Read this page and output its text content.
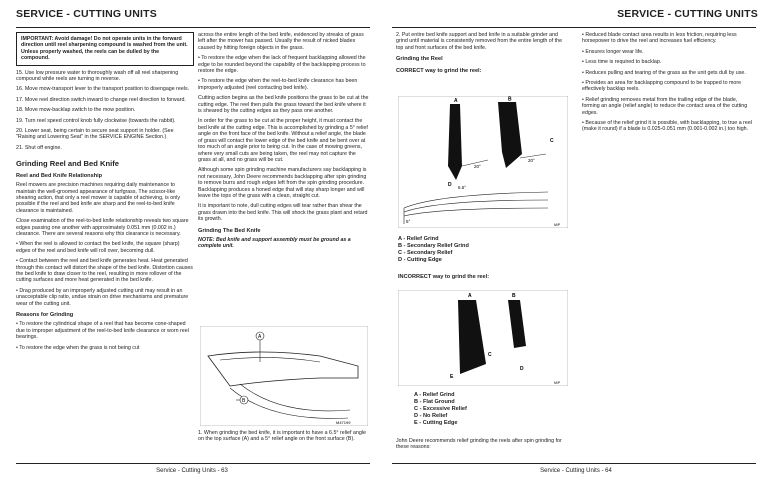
SERVICE - CUTTING UNITS
IMPORTANT: Avoid damage! Do not operate units in the forward direction until reel sharpening compound is washed from the unit. Unless properly washed, the reels can be dulled by the compound.

15. Use low pressure water to thoroughly wash off all reel sharpening compound while reels are turning in reverse.

16. Move mow-transport lever to the transport position to disengage reels.

17. Move reel direction switch inward to change reel direction to forward.

18. Move mow-backlap switch to the mow position.

19. Turn reel speed control knob fully clockwise (towards the rabbit).

20. Lower seat, being certain to secure seat support in holder. (See "Raising and Lowering Seat" in the SERVICE ENGINE Section.)

21. Shut off engine.

Grinding Reel and Bed Knife
Reel and Bed Knife Relationship

Reel mowers are precision machines requiring daily maintenance to maintain the well-groomed appearance of turfgrass. The scissor-like shearing action, that only a reel mower is capable of achieving, is only possible if the reel and bed knife are sharp and the reel-to-bed knife clearance is maintained.

Close examination of the reel-to-bed knife relationship reveals two square edges passing one another with approximately 0.051 mm (0.002 in.) clearance. There are several reasons why this clearance is necessary.

• When the reel is allowed to contact the bed knife, the square (sharp) edges of the reel and bed knife will roll over, becoming dull.

• Contact between the reel and bed knife generates heat. Heat generated through this contact will distort the shape of the bed knife. Distortion causes the bed knife to draw closer to the reel, resulting in more rollover of the cutting surfaces and more heat generated in the bed knife.

• Drag produced by an improperly adjusted cutting unit may result in an unacceptable clip ratio, undue strain on drive mechanisms and premature wear of the cutting unit.

Reasons for Grinding

• To restore the cylindrical shape of a reel that has become cone-shaped due to improper adjustment of the reel-to-bed knife clearance or worn reel bearings.

• To restore the edge when the grass is not being cut

across the entire length of the bed knife, evidenced by streaks of grass left after the mower has passed. Usually the result of nicked blades caused by hitting foreign objects in the grass.

• To restore the edge when the lack of frequent backlapping allowed the edge to be rounded beyond the capability of the backlapping process to restore the edge.

• To restore the edge when the reel-to-bed knife clearance has been improperly adjusted (reel contacting bed knife).

Cutting action begins as the bed knife positions the grass to be cut at the cutting edge. The reel then pulls the grass toward the bed knife where it is sheared by the cutting edges as they pass one another.

In order for the grass to be cut at the proper height, it must contact the bed knife at the cutting edge. This is accomplished by grinding a 5° relief angle on the front face of the bed knife. Without a relief angle, the blade of grass will contact the lower edge of the bed knife and be bent over at too much of an angle prior to being cut. In the case of mowing greens, where very small cuts are being taken, the reel may not capture the grass at all, and no grass will be cut.

Although some spin grinding machine manufacturers say backlapping is not necessary, John Deere recommends backlapping after spin grinding to remove burrs and rough edges left from the spin grinding procedure. Backlapping produces a honed edge that will stay sharp longer and will leave the tops of the grass with a clean, straight cut.

It is important to note, dull cutting edges will tear rather than shear the grass drawn into the bed knife. This will shock the grass plant and retard its growth.

Grinding The Bed Knife

NOTE: Bed knife and support assembly must be ground as a complete unit.

A
B
M47199
1. When grinding the bed knife, it is important to have a 6.5° relief angle on the top surface (A) and a 5° relief angle on the front surface (B).
Service - Cutting Units - 63
SERVICE - CUTTING UNITS

2. Put entire bed knife support and bed knife in a suitable grinder and grind until material is consistently removed from the entire length of the top and front surfaces of the bed knife.

Grinding the Reel
CORRECT way to grind the reel:
A	B
C
D
20°
20°
6.5°
5°
M/P
A - Relief Grind
B - Secondary Relief Grind
C - Secondary Relief
D - Cutting Edge
INCORRECT way to grind the reel:
A	B
C
D
E
M/P
A - Relief Grind
B - Flat Ground
C - Excessive Relief
D - No Relief
E - Cutting Edge
John Deere recommends relief grinding the reels after spin grinding for these reasons:

• Reduced blade contact area results in less friction, requiring less horsepower to drive the reel and increases fuel efficiency.

• Ensures longer wear life.

• Less time is required to backlap.

• Reduces pulling and tearing of the grass as the unit gets dull by use.

• Provides an area for backlapping compound to be trapped to more effectively backlap reels.

• Relief grinding removes metal from the trailing edge of the blade, forming an angle (relief angle) to reduce the contact area of the cutting edges.

• Because of the relief grind it is possible, with backlapping, to true a reel (make it round) if a blade is 0.025-0.051 mm (0.001-0.002 in.) too high.

Service - Cutting Units - 64
